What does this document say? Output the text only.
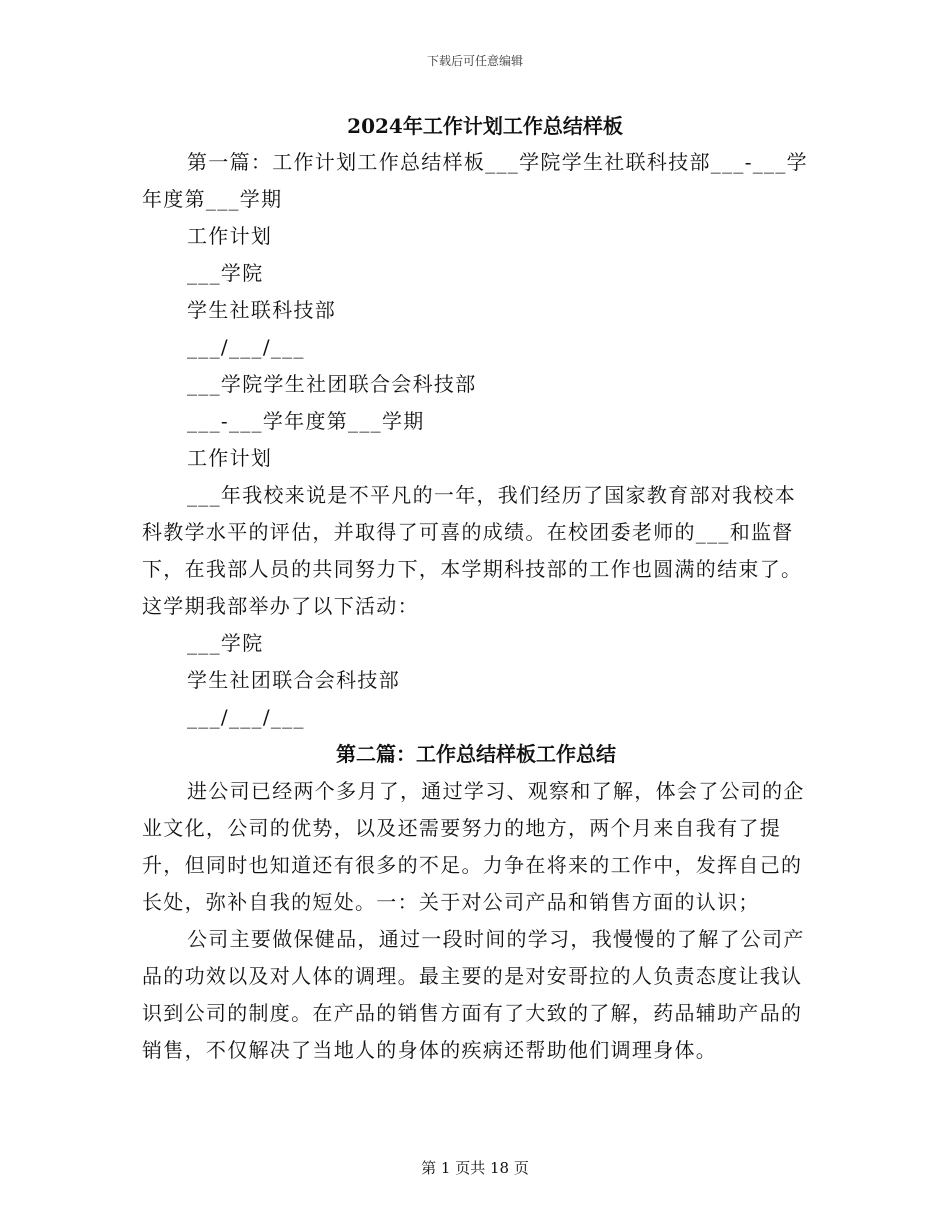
下载后可任意编辑
2024年工作计划工作总结样板

第一篇：工作计划工作总结样板___学院学生社联科技部___-___学年度第___学期

工作计划

___学院

学生社联科技部

___/___/___

___学院学生社团联合会科技部

___-___学年度第___学期

工作计划

___年我校来说是不平凡的一年，我们经历了国家教育部对我校本科教学水平的评估，并取得了可喜的成绩。在校团委老师的___和监督下，在我部人员的共同努力下，本学期科技部的工作也圆满的结束了。这学期我部举办了以下活动：

___学院

学生社团联合会科技部

___/___/___

第二篇：工作总结样板工作总结

进公司已经两个多月了，通过学习、观察和了解，体会了公司的企业文化，公司的优势，以及还需要努力的地方，两个月来自我有了提升，但同时也知道还有很多的不足。力争在将来的工作中，发挥自己的长处，弥补自我的短处。一：关于对公司产品和销售方面的认识；

公司主要做保健品，通过一段时间的学习，我慢慢的了解了公司产品的功效以及对人体的调理。最主要的是对安哥拉的人负责态度让我认识到公司的制度。在产品的销售方面有了大致的了解，药品辅助产品的销售，不仅解决了当地人的身体的疾病还帮助他们调理身体。

第 1 页共 18 页
